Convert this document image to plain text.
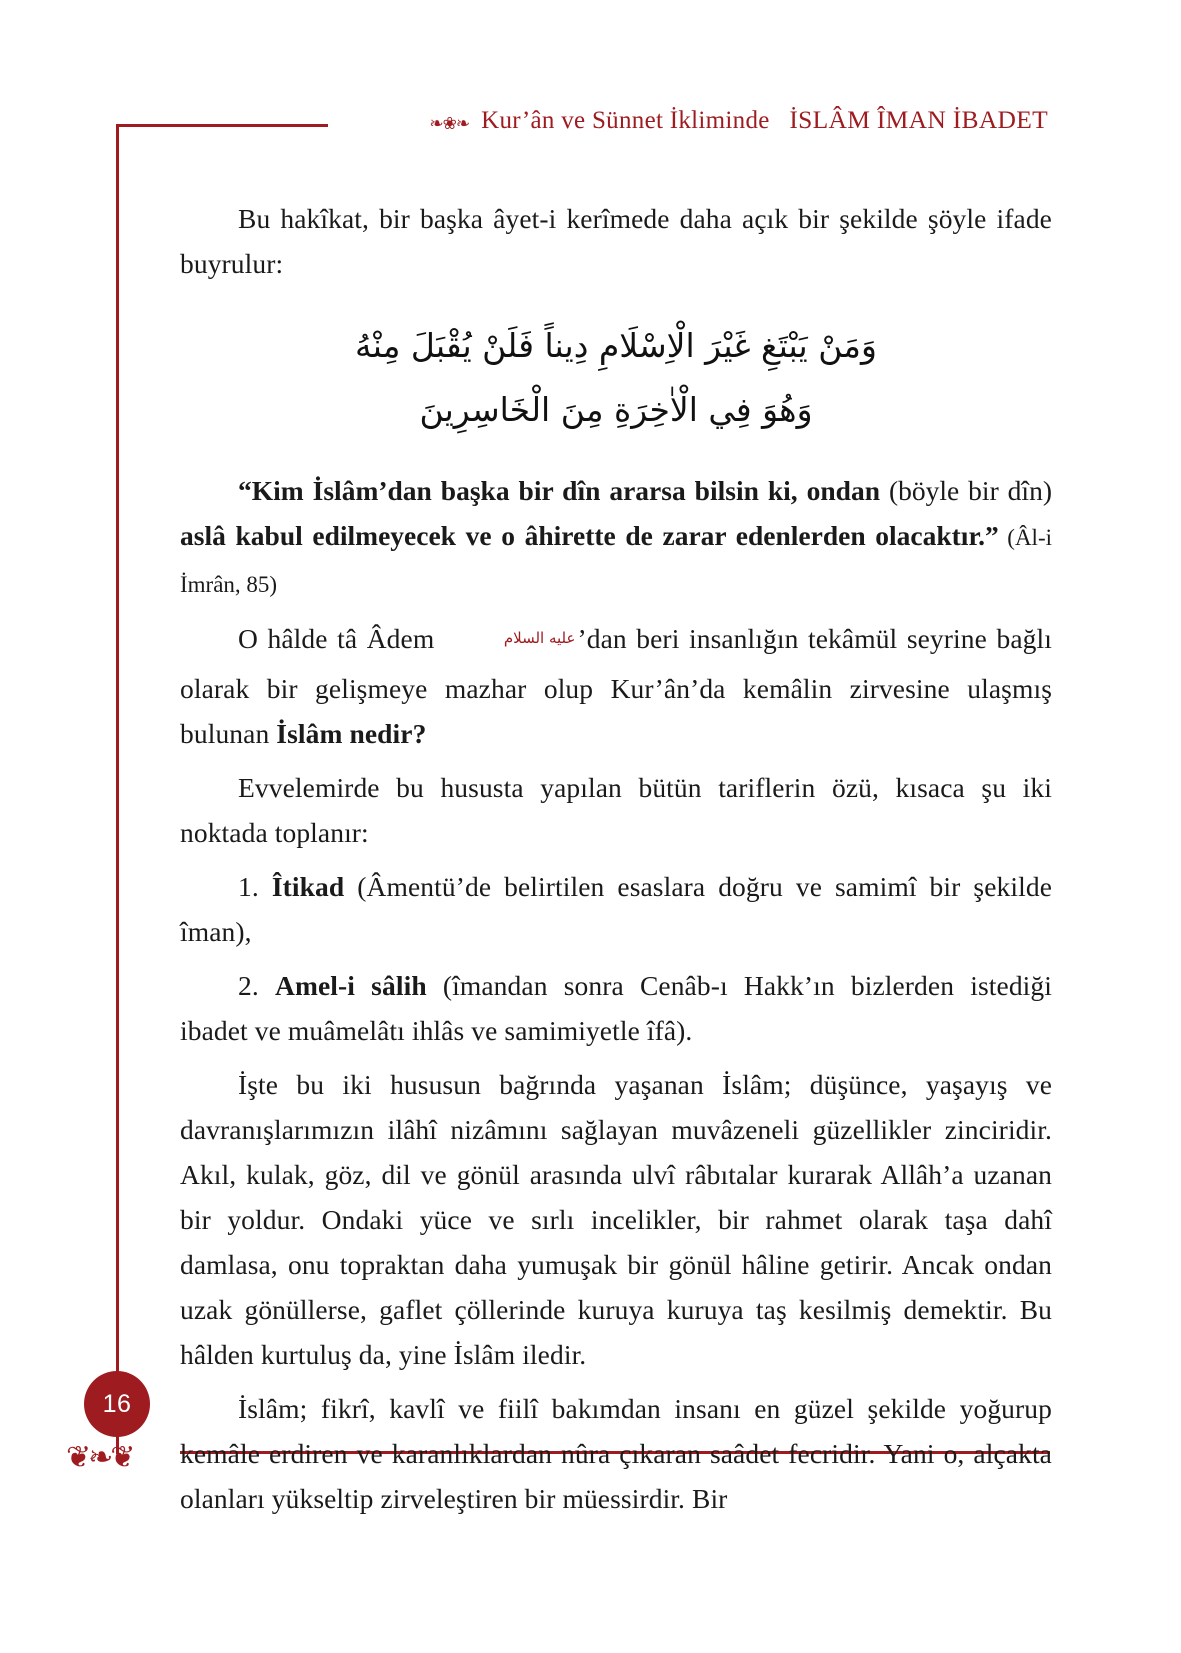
❧❀❧ Kur’ân ve Sünnet İkliminde İSLÂM ÎMAN İBADET
16
❦❧❦

Bu hakîkat, bir başka âyet-i kerîmede daha açık bir şekilde şöyle ifade buyrulur:

وَمَنْ يَبْتَغِ غَيْرَ الْاِسْلَامِ دِيناً فَلَنْ يُقْبَلَ مِنْهُ
وَهُوَ فِي الْاٰخِرَةِ مِنَ الْخَاسِرِينَ

“Kim İslâm’dan başka bir dîn ararsa bilsin ki, ondan (böyle bir dîn) aslâ kabul edilmeyecek ve o âhirette de zarar edenlerden olacaktır.” (Âl-i İmrân, 85)

O hâlde tâ Âdem	عليه السلام’dan beri insanlığın tekâmül seyrine bağlı olarak bir gelişmeye mazhar olup Kur’ân’da kemâlin zirvesine ulaşmış bulunan İslâm nedir?

Evvelemirde bu hususta yapılan bütün tariflerin özü, kısaca şu iki noktada toplanır:

1. Îtikad (Âmentü’de belirtilen esaslara doğru ve samimî bir şekilde îman),

2. Amel-i sâlih (îmandan sonra Cenâb-ı Hakk’ın bizlerden istediği ibadet ve muâmelâtı ihlâs ve samimiyetle îfâ).

İşte bu iki hususun bağrında yaşanan İslâm; düşünce, yaşayış ve davranışlarımızın ilâhî nizâmını sağlayan muvâzeneli güzellikler zinciridir. Akıl, kulak, göz, dil ve gönül arasında ulvî râbıtalar kurarak Allâh’a uzanan bir yoldur. Ondaki yüce ve sırlı incelikler, bir rahmet olarak taşa dahî damlasa, onu topraktan daha yumuşak bir gönül hâline getirir. Ancak ondan uzak gönüllerse, gaflet çöllerinde kuruya kuruya taş kesilmiş demektir. Bu hâlden kurtuluş da, yine İslâm iledir.

İslâm; fikrî, kavlî ve fiilî bakımdan insanı en güzel şekilde yoğurup kemâle erdiren ve karanlıklardan nûra çıkaran saâdet fecridir. Yani o, alçakta olanları yükseltip zirveleştiren bir müessirdir. Bir
